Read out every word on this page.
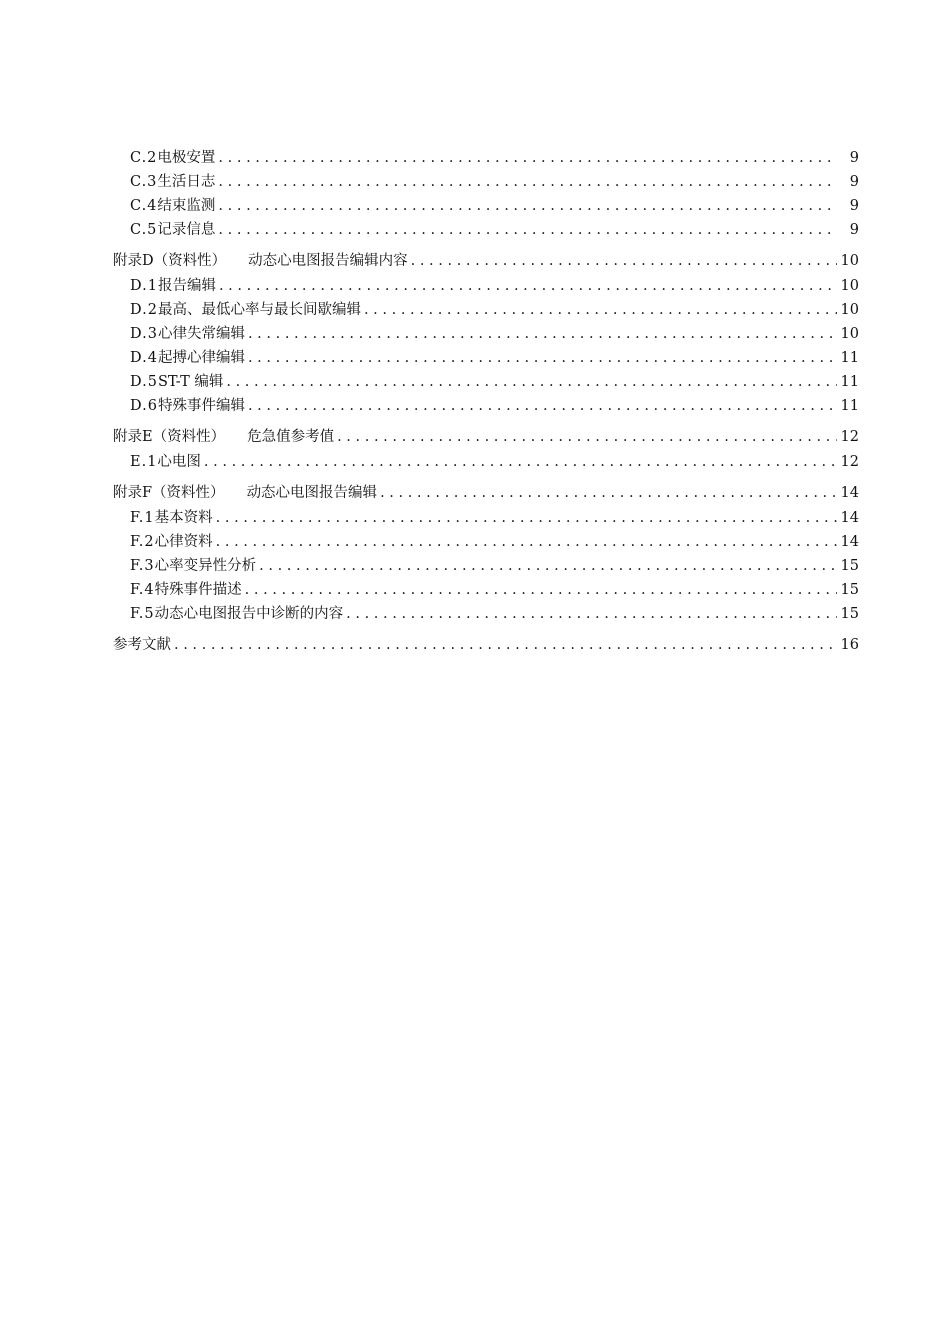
C.2 电极安置 . . .	9
C.3 生活日志 . . .	9
C.4 结束监测 . . .	9
C.5 记录信息 . . .	9
附录D（资料性） 动态心电图报告编辑内容 . . .	10
D.1 报告编辑 . . .	10
D.2 最高、最低心率与最长间歇编辑 . . .	10
D.3 心律失常编辑 . . .	10
D.4 起搏心律编辑 . . .	11
D.5 ST-T 编辑 . . .	11
D.6 特殊事件编辑 . . .	11
附录E（资料性） 危急值参考值 . . .	12
E.1 心电图 . . .	12
附录F（资料性） 动态心电图报告编辑 . . .	14
F.1 基本资料 . . .	14
F.2 心律资料 . . .	14
F.3 心率变异性分析 . . .	15
F.4 特殊事件描述 . . .	15
F.5 动态心电图报告中诊断的内容 . . .	15
参考文献 . . .	16
